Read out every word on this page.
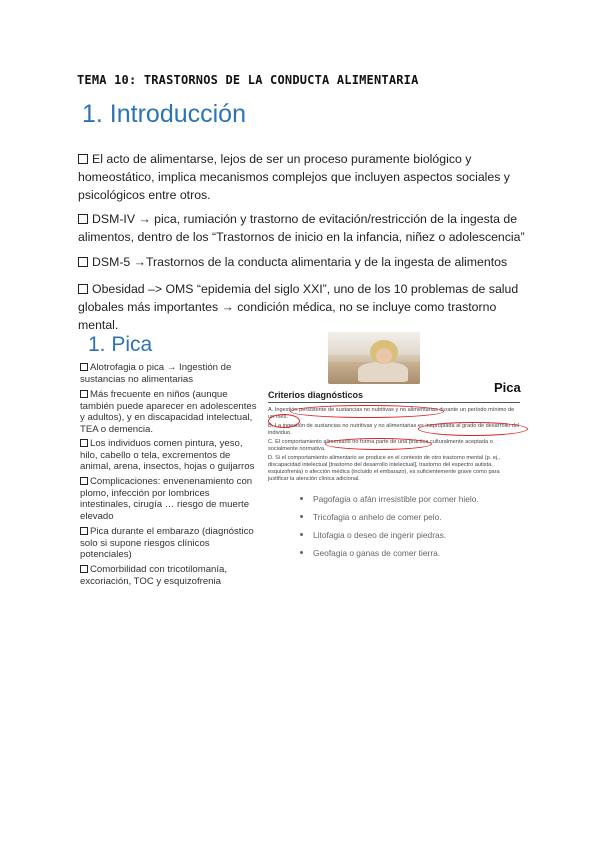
TEMA 10: TRASTORNOS DE LA CONDUCTA ALIMENTARIA
1. Introducción
El acto de alimentarse, lejos de ser un proceso puramente biológico y homeostático, implica mecanismos complejos que incluyen aspectos sociales y psicológicos entre otros.
DSM-IV → pica, rumiación y trastorno de evitación/restricción de la ingesta de alimentos, dentro de los “Trastornos de inicio en la infancia, niñez o adolescencia”
DSM-5 →Trastornos de la conducta alimentaria y de la ingesta de alimentos
Obesidad –> OMS “epidemia del siglo XXI”, uno de los 10 problemas de salud globales más importantes → condición médica, no se incluye como trastorno mental.
1. Pica
Alotrofagia o pica → Ingestión de sustancias no alimentarias
Más frecuente en niños (aunque también puede aparecer en adolescentes y adultos), y en discapacidad intelectual, TEA o demencia.
Los individuos comen pintura, yeso, hilo, cabello o tela, excrementos de animal, arena, insectos, hojas o guijarros
Complicaciones: envenenamiento con plomo, infección por lombrices intestinales, cirugía … riesgo de muerte elevado
Pica durante el embarazo (diagnóstico solo si supone riesgos clínicos potenciales)
Comorbilidad con tricotilomanía, excoriación, TOC y esquizofrenia
Pica
Criterios diagnósticos
A. Ingestión persistente de sustancias no nutritivas y no alimentarias durante un período mínimo de un mes.
B. La ingestión de sustancias no nutritivas y no alimentarias es inapropiada al grado de desarrollo del individuo.
C. El comportamiento alimentario no forma parte de una práctica culturalmente aceptada o socialmente normativa.
D. Si el comportamiento alimentario se produce en el contexto de otro trastorno mental (p. ej., discapacidad intelectual [trastorno del desarrollo intelectual], trastorno del espectro autista, esquizofrenia) o afección médica (incluido el embarazo), es suficientemente grave como para justificar la atención clínica adicional.
Pagofagia o afán irresistible por comer hielo.
Tricofagia o anhelo de comer pelo.
Litofagia o deseo de ingerir piedras.
Geofagia o ganas de comer tierra.
